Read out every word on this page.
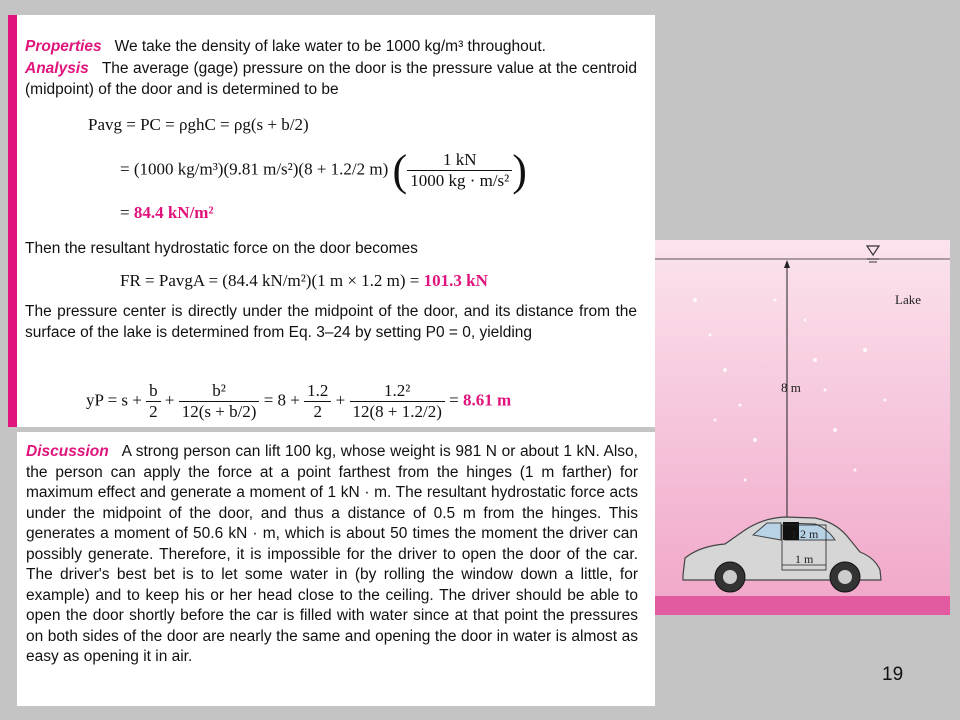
Properties We take the density of lake water to be 1000 kg/m³ throughout.
Analysis The average (gage) pressure on the door is the pressure value at the centroid (midpoint) of the door and is determined to be
Pavg = PC = ρghC = ρg(s + b/2)
= (1000 kg/m³)(9.81 m/s²)(8 + 1.2/2 m) ( $\frac{1 kN}{\text{1000 kg · m/s²}}$ )
= 84.4 kN/m²
Then the resultant hydrostatic force on the door becomes
FR = PavgA = (84.4 kN/m²)(1 m × 1.2 m) = 101.3 kN
The pressure center is directly under the midpoint of the door, and its distance from the surface of the lake is determined from Eq. 3–24 by setting P0 = 0, yielding
yP = $s + \frac{b}{2} + \frac{\text{b²}}{12(s + b/2)} = 8 + \frac{1.2}{2} + \frac{\text{1.2²}}{12(8 + 1.2/2)} = 8.61$ m
Discussion A strong person can lift 100 kg, whose weight is 981 N or about 1 kN. Also, the person can apply the force at a point farthest from the hinges (1 m farther) for maximum effect and generate a moment of 1 kN · m. The resultant hydrostatic force acts under the midpoint of the door, and thus a distance of 0.5 m from the hinges. This generates a moment of 50.6 kN · m, which is about 50 times the moment the driver can possibly generate. Therefore, it is impossible for the driver to open the door of the car. The driver's best bet is to let some water in (by rolling the window down a little, for example) and to keep his or her head close to the ceiling. The driver should be able to open the door shortly before the car is filled with water since at that point the pressures on both sides of the door are nearly the same and opening the door in water is almost as easy as opening it in air.
Lake
8 m
1.2 m
1 m
19
